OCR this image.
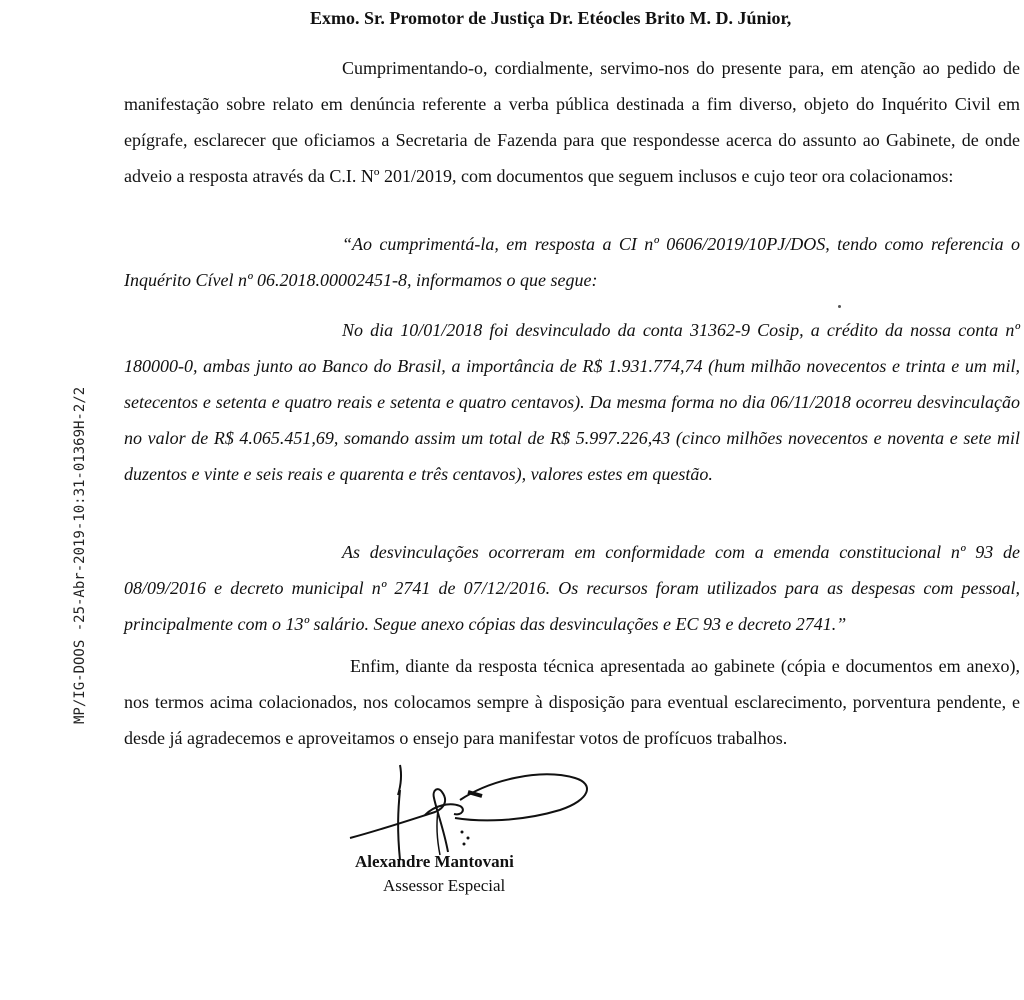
Exmo. Sr. Promotor de Justiça Dr. Etéocles Brito M. D. Júnior,

Cumprimentando-o, cordialmente, servimo-nos do presente para, em atenção ao pedido de manifestação sobre relato em denúncia referente a verba pública destinada a fim diverso, objeto do Inquérito Civil em epígrafe, esclarecer que oficiamos a Secretaria de Fazenda para que respondesse acerca do assunto ao Gabinete, de onde adveio a resposta através da C.I. Nº 201/2019, com documentos que seguem inclusos e cujo teor ora colacionamos:

“Ao cumprimentá-la, em resposta a CI nº 0606/2019/10PJ/DOS, tendo como referencia o Inquérito Cível nº 06.2018.00002451-8, informamos o que segue:

No dia 10/01/2018 foi desvinculado da conta 31362-9 Cosip, a crédito da nossa conta nº 180000-0, ambas junto ao Banco do Brasil, a importância de R$ 1.931.774,74 (hum milhão novecentos e trinta e um mil, setecentos e setenta e quatro reais e setenta e quatro centavos). Da mesma forma no dia 06/11/2018 ocorreu desvinculação no valor de R$ 4.065.451,69, somando assim um total de R$ 5.997.226,43 (cinco milhões novecentos e noventa e sete mil duzentos e vinte e seis reais e quarenta e três centavos), valores estes em questão.

As desvinculações ocorreram em conformidade com a emenda constitucional nº 93 de 08/09/2016 e decreto municipal nº 2741 de 07/12/2016. Os recursos foram utilizados para as despesas com pessoal, principalmente com o 13º salário. Segue anexo cópias das desvinculações e EC 93 e decreto 2741.”

Enfim, diante da resposta técnica apresentada ao gabinete (cópia e documentos em anexo), nos termos acima colacionados, nos colocamos sempre à disposição para eventual esclarecimento, porventura pendente, e desde já agradecemos e aproveitamos o ensejo para manifestar votos de profícuos trabalhos.

MP/IG-DOOS -25-Abr-2019-10:31-01369H-2/2
Alexandre Mantovani
Assessor Especial
